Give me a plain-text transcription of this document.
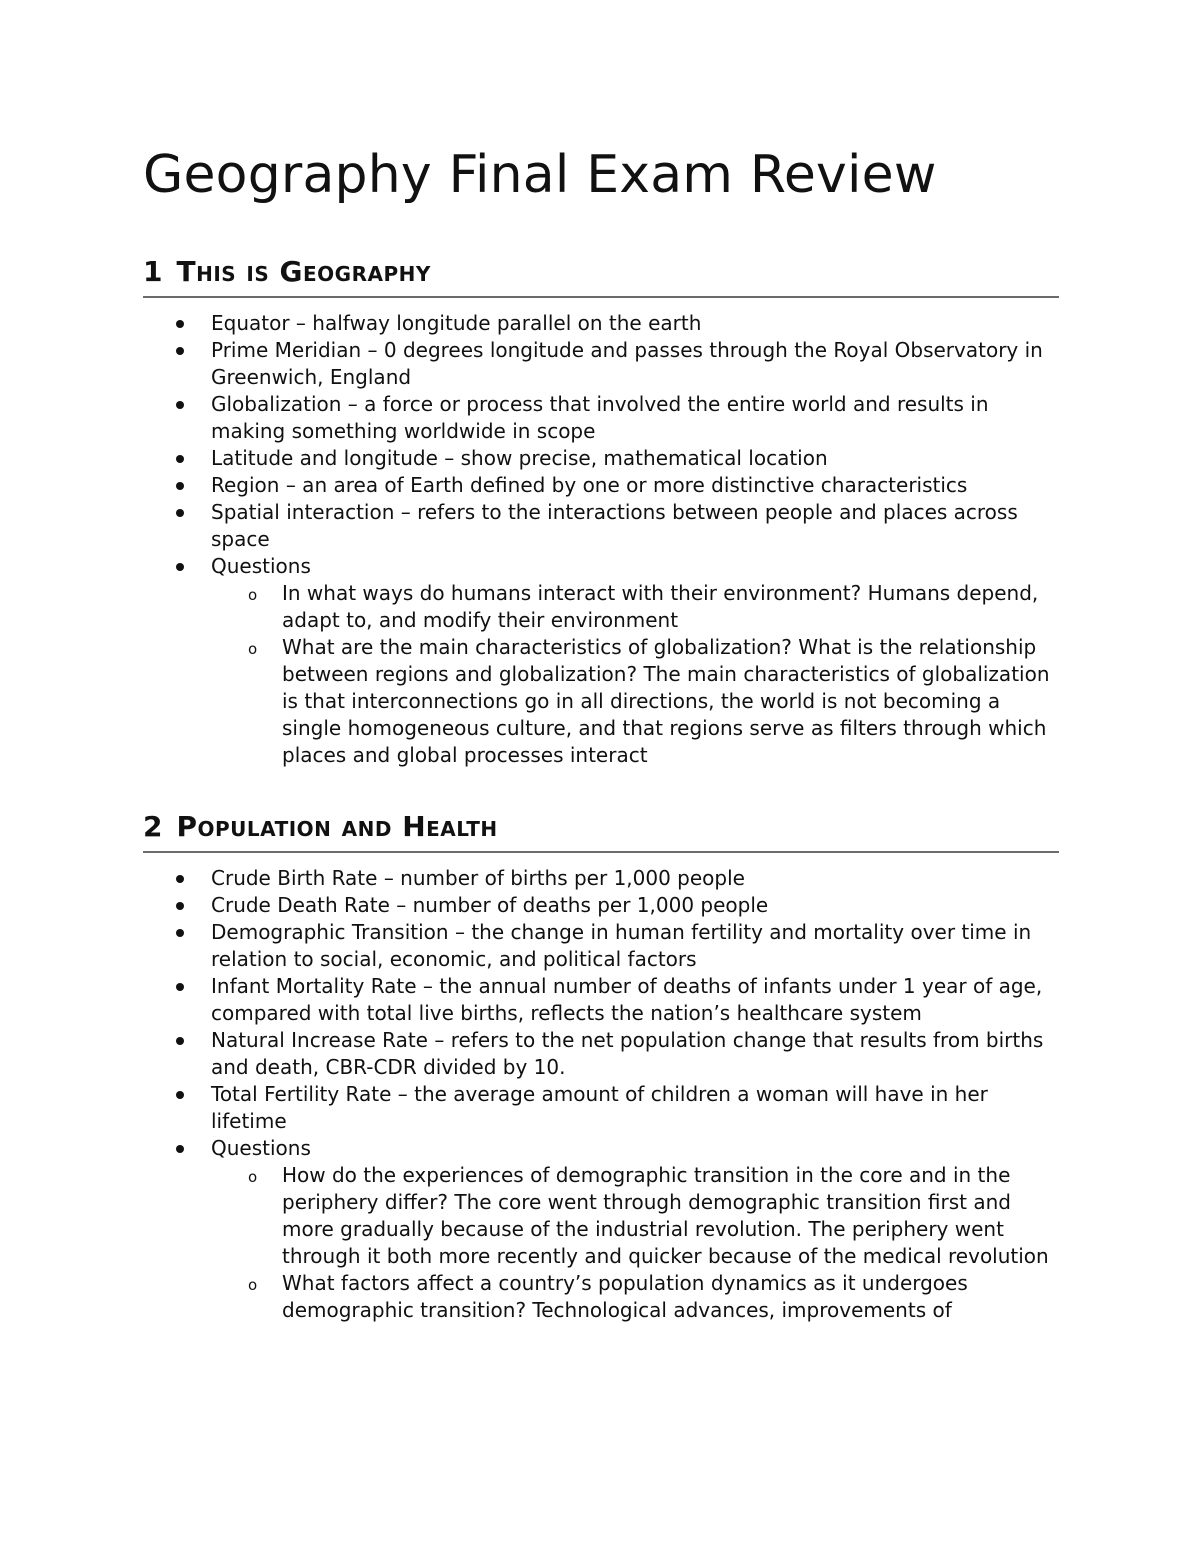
Geography Final Exam Review
1 This is Geography
Equator – halfway longitude parallel on the earth
Prime Meridian – 0 degrees longitude and passes through the Royal Observatory in Greenwich, England
Globalization – a force or process that involved the entire world and results in making something worldwide in scope
Latitude and longitude – show precise, mathematical location
Region – an area of Earth defined by one or more distinctive characteristics
Spatial interaction – refers to the interactions between people and places across space
Questions
o In what ways do humans interact with their environment? Humans depend, adapt to, and modify their environment
o What are the main characteristics of globalization? What is the relationship between regions and globalization? The main characteristics of globalization is that interconnections go in all directions, the world is not becoming a single homogeneous culture, and that regions serve as filters through which places and global processes interact
2 Population and Health
Crude Birth Rate – number of births per 1,000 people
Crude Death Rate – number of deaths per 1,000 people
Demographic Transition – the change in human fertility and mortality over time in relation to social, economic, and political factors
Infant Mortality Rate – the annual number of deaths of infants under 1 year of age, compared with total live births, reflects the nation’s healthcare system
Natural Increase Rate – refers to the net population change that results from births and death, CBR-CDR divided by 10.
Total Fertility Rate – the average amount of children a woman will have in her lifetime
Questions
o How do the experiences of demographic transition in the core and in the periphery differ? The core went through demographic transition first and more gradually because of the industrial revolution. The periphery went through it both more recently and quicker because of the medical revolution
o What factors affect a country’s population dynamics as it undergoes demographic transition? Technological advances, improvements of
